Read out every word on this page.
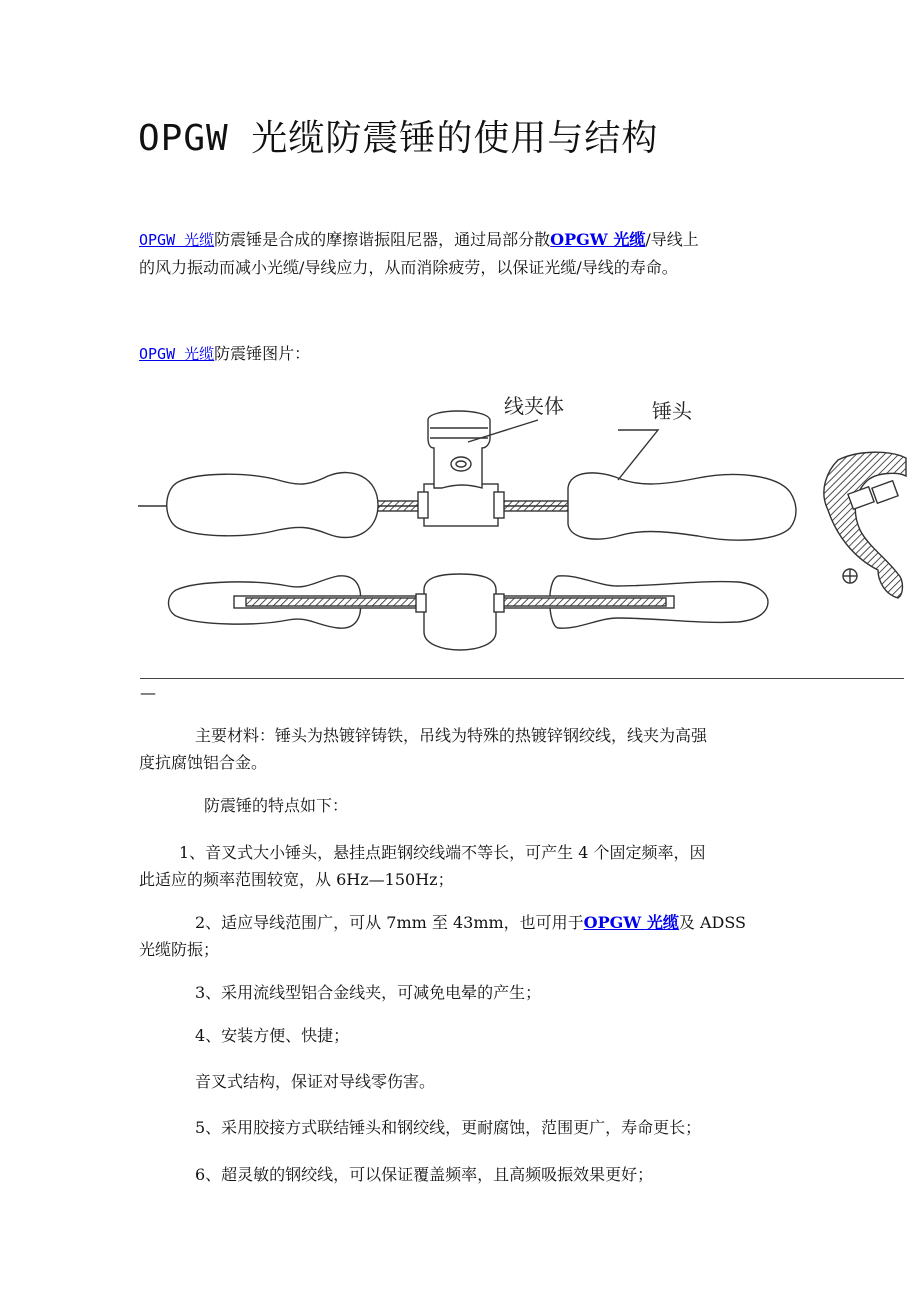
OPGW 光缆防震锤的使用与结构
OPGW 光缆防震锤是合成的摩擦谐振阻尼器，通过局部分散OPGW 光缆/导线上
的风力振动而减小光缆/导线应力，从而消除疲劳，以保证光缆/导线的寿命。
OPGW 光缆防震锤图片：
线夹体	锤头
—
主要材料：锤头为热镀锌铸铁，吊线为特殊的热镀锌钢绞线，线夹为高强
度抗腐蚀铝合金。
防震锤的特点如下：
1、音叉式大小锤头，悬挂点距钢绞线端不等长，可产生 4 个固定频率，因
此适应的频率范围较宽，从 6Hz—150Hz；
2、适应导线范围广，可从 7mm 至 43mm，也可用于OPGW 光缆及 ADSS
光缆防振；
3、采用流线型铝合金线夹，可减免电晕的产生；
4、安装方便、快捷；
音叉式结构，保证对导线零伤害。
5、采用胶接方式联结锤头和钢绞线，更耐腐蚀，范围更广，寿命更长；
6、超灵敏的钢绞线，可以保证覆盖频率，且高频吸振效果更好；
